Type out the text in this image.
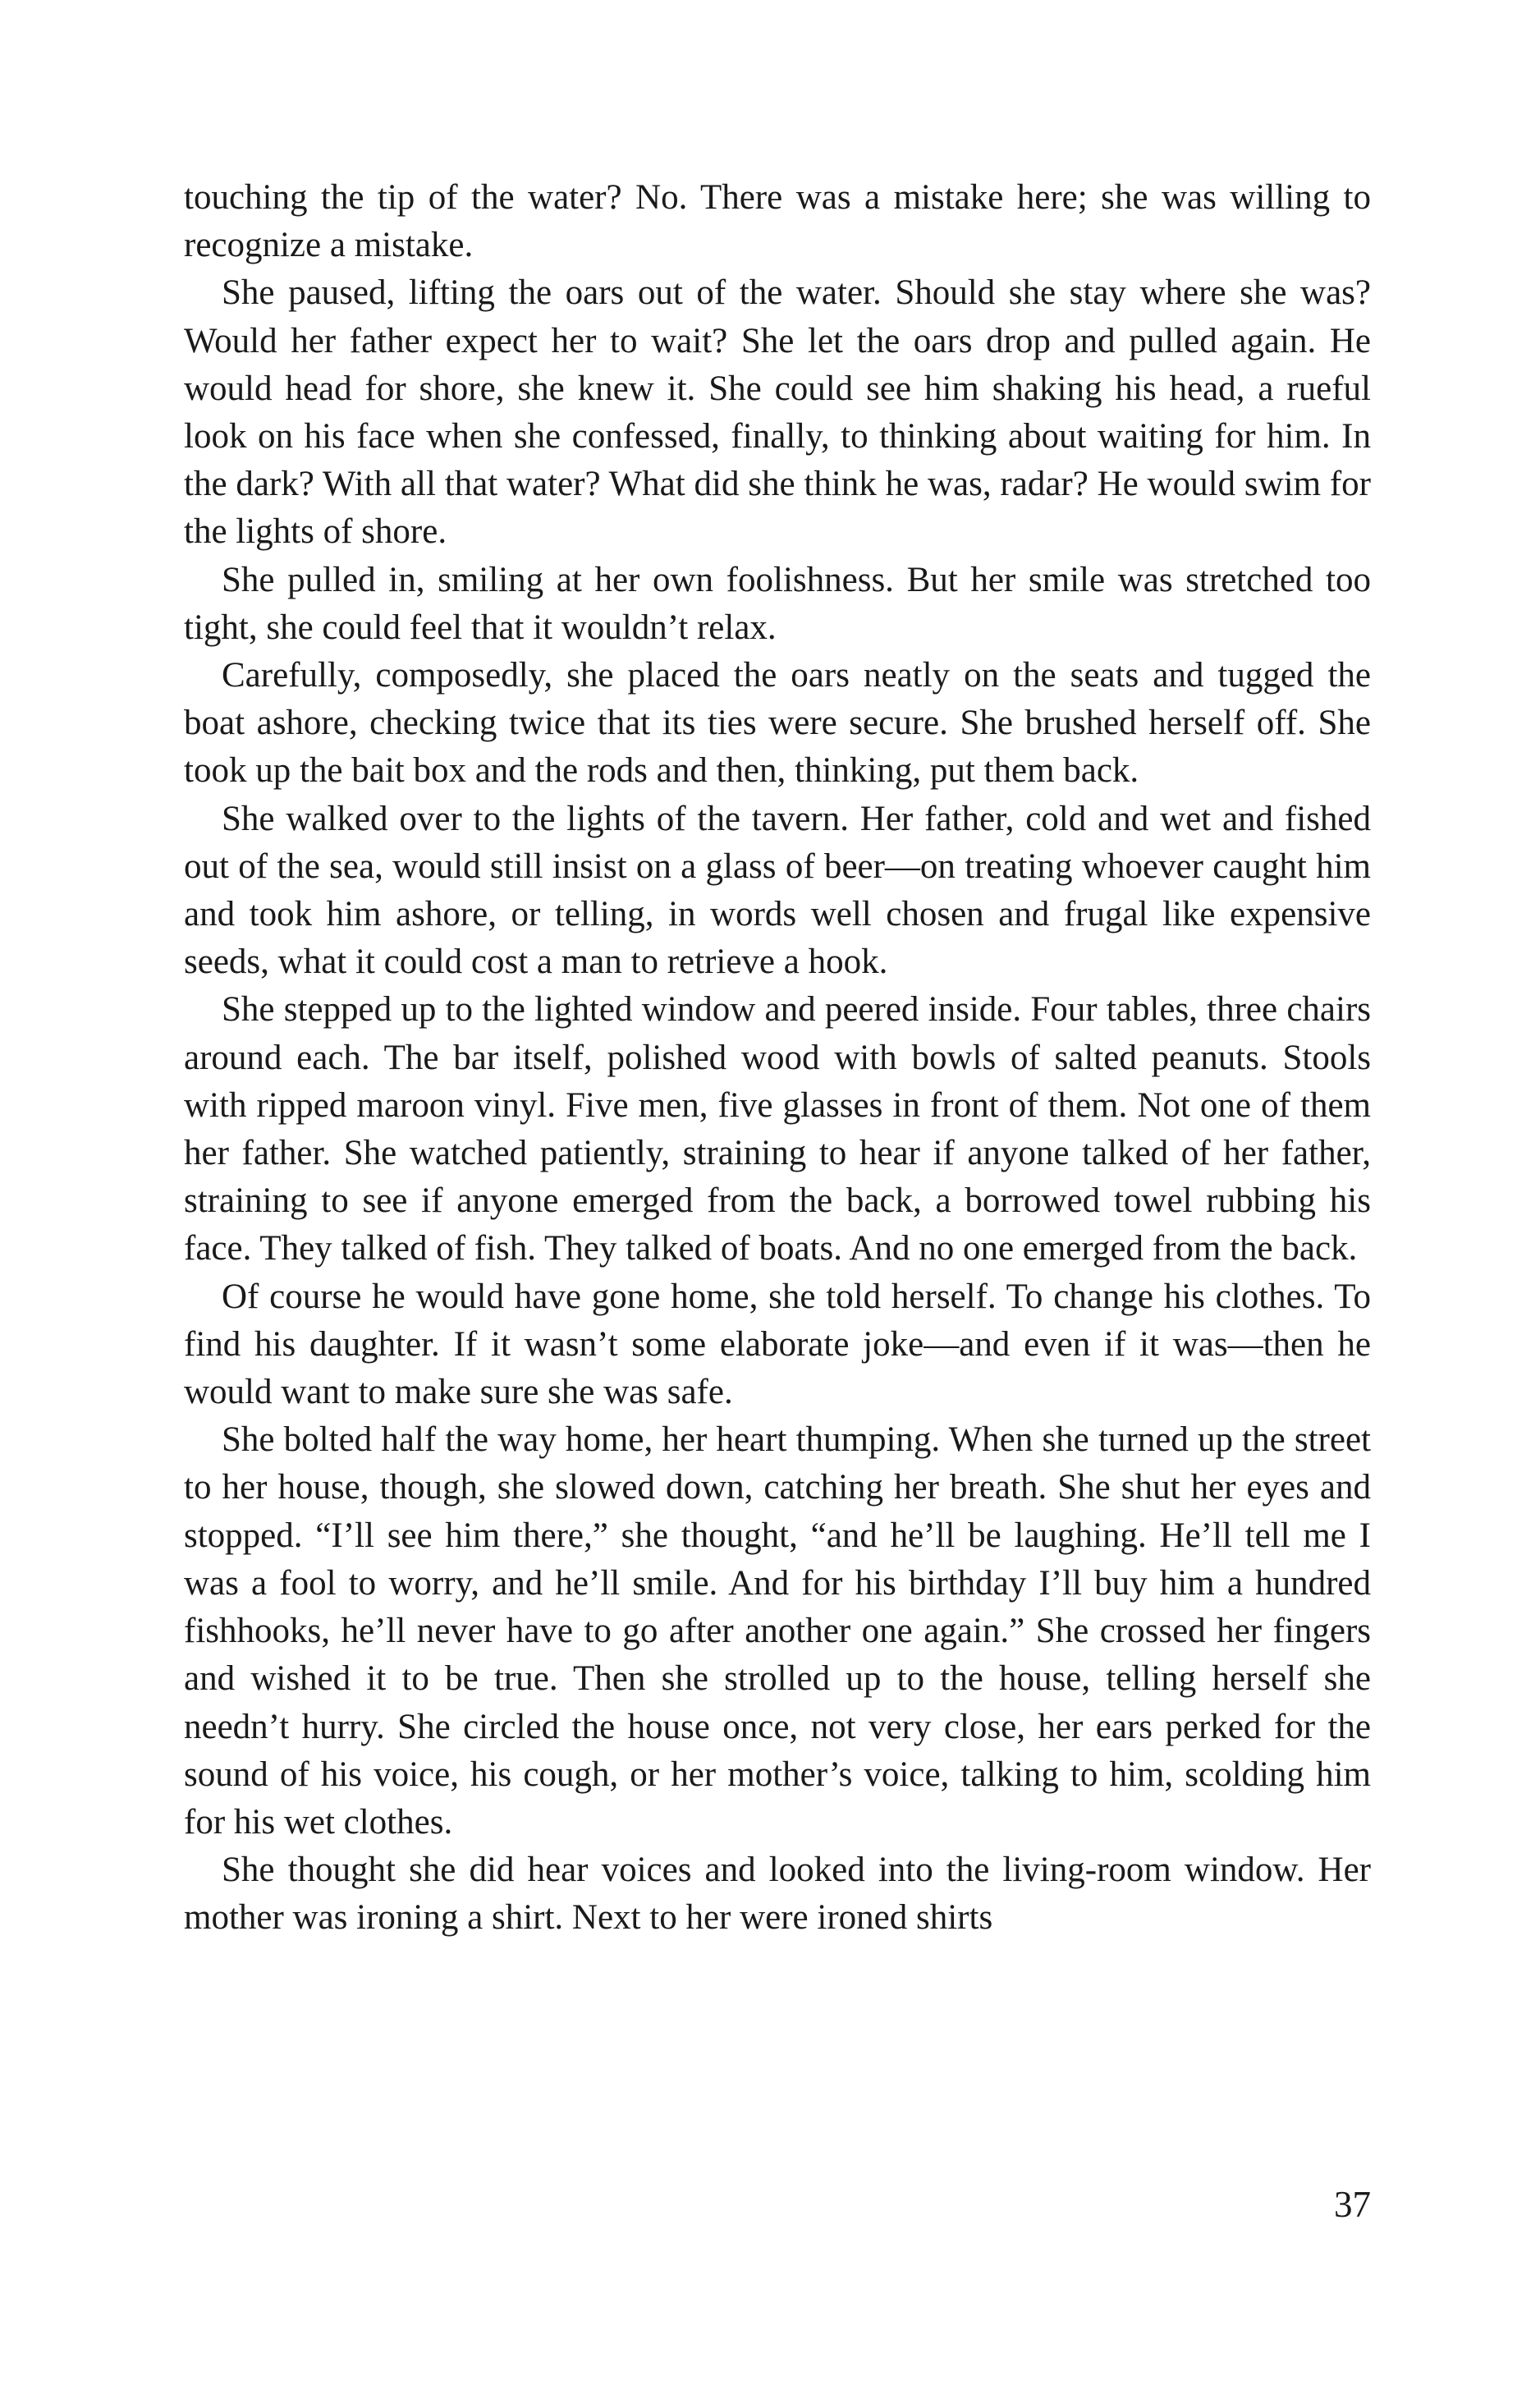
touching the tip of the water? No. There was a mistake here; she was willing to recognize a mistake.

She paused, lifting the oars out of the water. Should she stay where she was? Would her father expect her to wait? She let the oars drop and pulled again. He would head for shore, she knew it. She could see him shaking his head, a rueful look on his face when she confessed, finally, to thinking about waiting for him. In the dark? With all that water? What did she think he was, radar? He would swim for the lights of shore.

She pulled in, smiling at her own foolishness. But her smile was stretched too tight, she could feel that it wouldn’t relax.

Carefully, composedly, she placed the oars neatly on the seats and tugged the boat ashore, checking twice that its ties were secure. She brushed herself off. She took up the bait box and the rods and then, thinking, put them back.

She walked over to the lights of the tavern. Her father, cold and wet and fished out of the sea, would still insist on a glass of beer—on treating whoever caught him and took him ashore, or telling, in words well chosen and frugal like expensive seeds, what it could cost a man to retrieve a hook.

She stepped up to the lighted window and peered inside. Four tables, three chairs around each. The bar itself, polished wood with bowls of salted peanuts. Stools with ripped maroon vinyl. Five men, five glasses in front of them. Not one of them her father. She watched patiently, straining to hear if anyone talked of her father, straining to see if anyone emerged from the back, a borrowed towel rubbing his face. They talked of fish. They talked of boats. And no one emerged from the back.

Of course he would have gone home, she told herself. To change his clothes. To find his daughter. If it wasn’t some elaborate joke—and even if it was—then he would want to make sure she was safe.

She bolted half the way home, her heart thumping. When she turned up the street to her house, though, she slowed down, catching her breath. She shut her eyes and stopped. “I’ll see him there,” she thought, “and he’ll be laughing. He’ll tell me I was a fool to worry, and he’ll smile. And for his birthday I’ll buy him a hundred fishhooks, he’ll never have to go after another one again.” She crossed her fingers and wished it to be true. Then she strolled up to the house, telling herself she needn’t hurry. She circled the house once, not very close, her ears perked for the sound of his voice, his cough, or her mother’s voice, talking to him, scolding him for his wet clothes.

She thought she did hear voices and looked into the living-room window. Her mother was ironing a shirt. Next to her were ironed shirts

37
